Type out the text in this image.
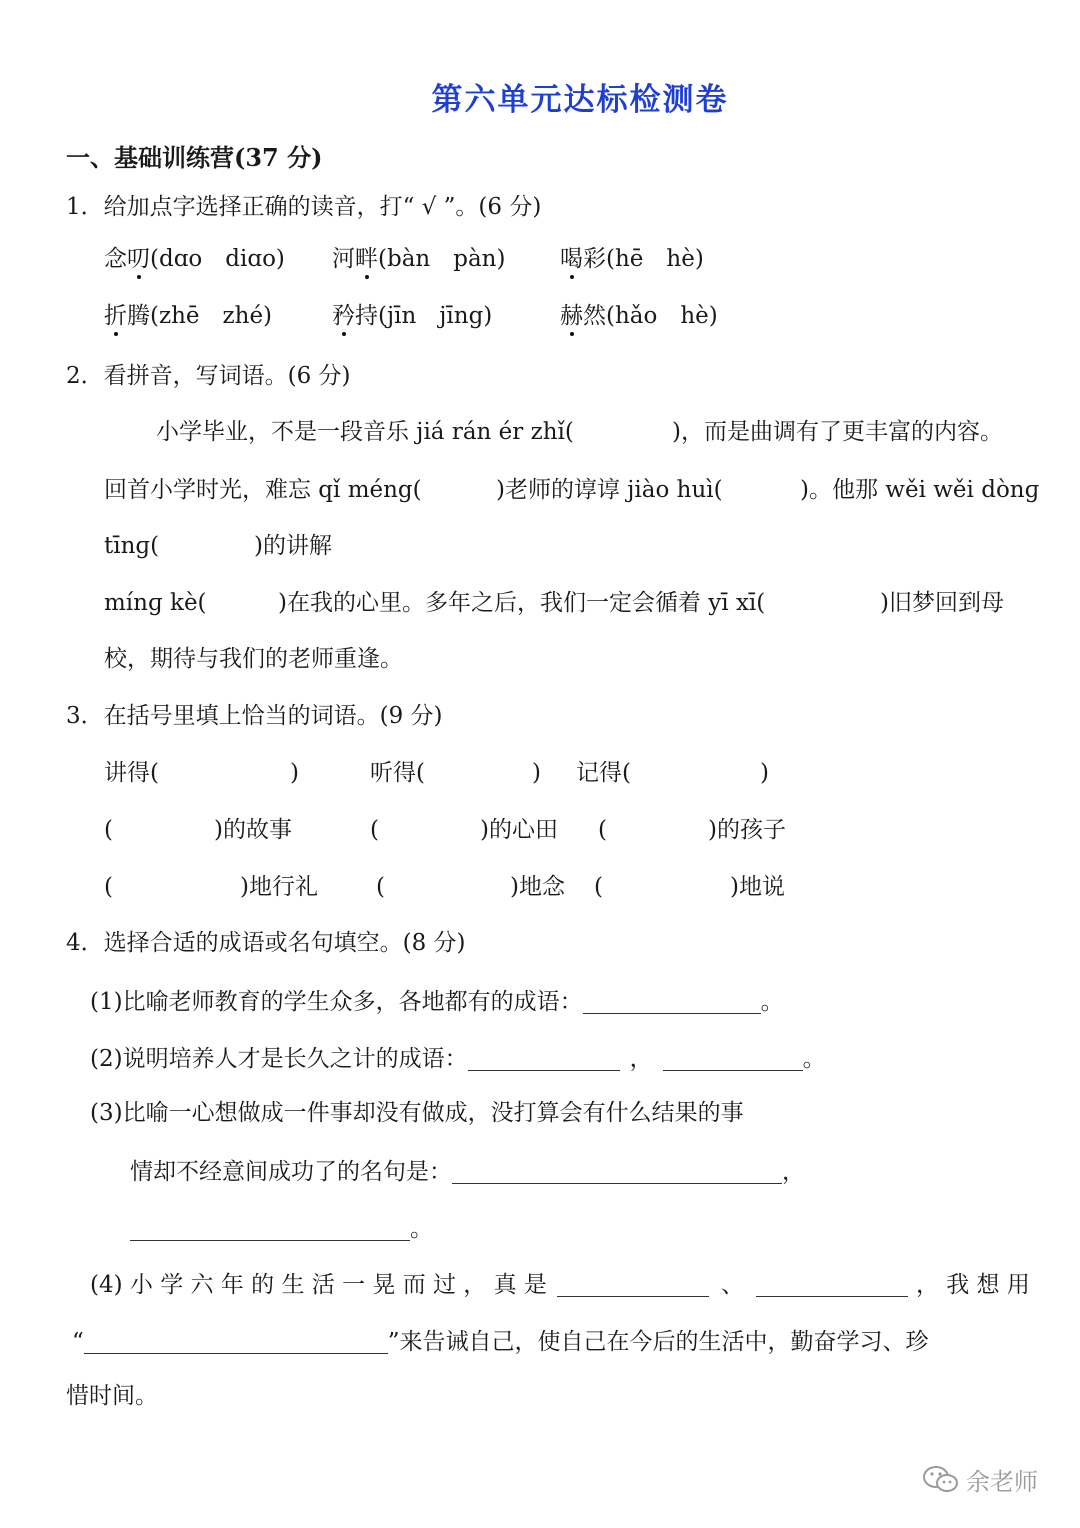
第六单元达标检测卷
一、基础训练营(37 分)
1．给加点字选择正确的读音，打“ √ ”。(6 分)
念叨(dɑo　diɑo) 河畔(bàn　pàn) 喝彩(hē　hè)
折腾(zhē　zhé)	矜持(jīn　jīng)	赫然(hǎo　hè)
2．看拼音，写词语。(6 分)
小学毕业，不是一段音乐 jiá rán ér zhǐ(	)，而是曲调有了更丰富的内容。
回首小学时光，难忘 qǐ méng(	)老师的谆谆 jiào huì(	)。他那 wěi wěi dònɡ
tīnɡ(	)的讲解
mínɡ kè(	)在我的心里。多年之后，我们一定会循着 yī xī(	)旧梦回到母
校，期待与我们的老师重逢。
3．在括号里填上恰当的词语。(9 分)
讲得(	)	听得(	) 记得(	)
(	)的故事	(	)的心田 (	)的孩子
(	)地行礼	(	)地念 (	)地说
4．选择合适的成语或名句填空。(8 分)
(1)比喻老师教育的学生众多，各地都有的成语：	。
(2)说明培养人才是长久之计的成语：	，	。
(3)比喻一心想做成一件事却没有做成，没打算会有什么结果的事
情却不经意间成功了的名句是：	，
。
(4) 小 学 六 年 的 生 活 一 晃 而 过 ， 真 是	、	， 我 想 用
“	”来告诫自己，使自己在今后的生活中，勤奋学习、珍
惜时间。
余老师
